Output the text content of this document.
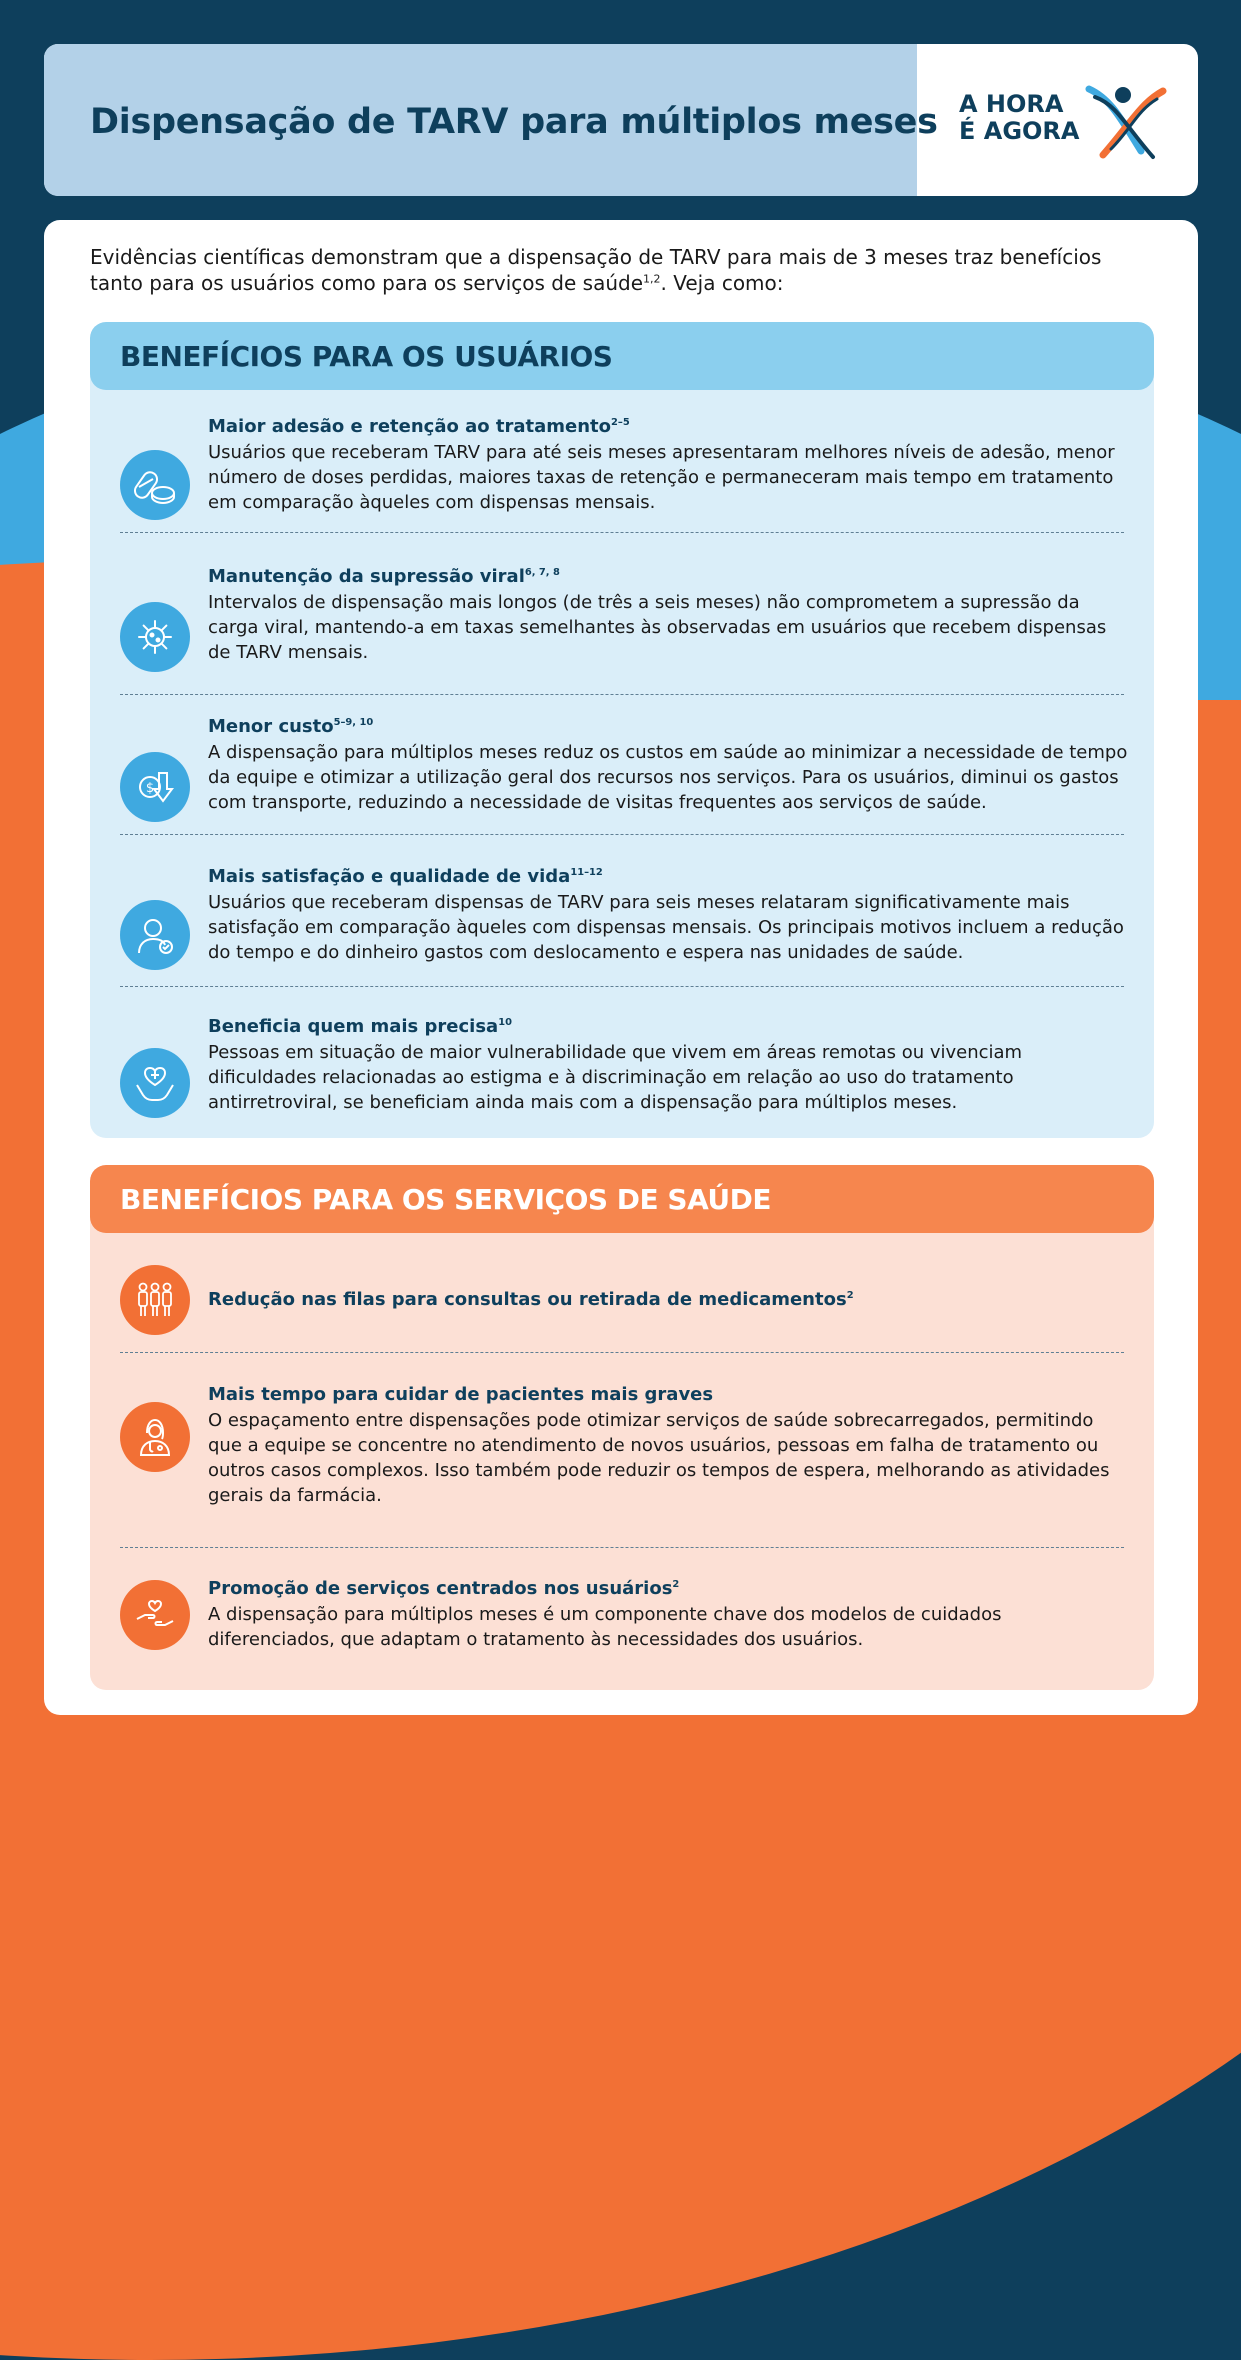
Dispensação de TARV para múltiplos meses A HORA
É AGORA
Evidências científicas demonstram que a dispensação de TARV para mais de 3 meses traz benefícios tanto para os usuários como para os serviços de saúde$^{1,2}$. Veja como:
BENEFÍCIOS PARA OS USUÁRIOS
Maior adesão e retenção ao tratamento$^{2-5}$
Usuários que receberam TARV para até seis meses apresentaram melhores níveis de adesão, menor número de doses perdidas, maiores taxas de retenção e permaneceram mais tempo em tratamento em comparação àqueles com dispensas mensais.
Manutenção da supressão viral$^{6, 7, 8}$
Intervalos de dispensação mais longos (de três a seis meses) não comprometem a supressão da carga viral, mantendo-a em taxas semelhantes às observadas em usuários que recebem dispensas de TARV mensais.
$
Menor custo$^{5-9, 10}$
A dispensação para múltiplos meses reduz os custos em saúde ao minimizar a necessidade de tempo da equipe e otimizar a utilização geral dos recursos nos serviços. Para os usuários, diminui os gastos com transporte, reduzindo a necessidade de visitas frequentes aos serviços de saúde.
Mais satisfação e qualidade de vida$^{11-12}$
Usuários que receberam dispensas de TARV para seis meses relataram significativamente mais satisfação em comparação àqueles com dispensas mensais. Os principais motivos incluem a redução do tempo e do dinheiro gastos com deslocamento e espera nas unidades de saúde.
Beneficia quem mais precisa$^{10}$
Pessoas em situação de maior vulnerabilidade que vivem em áreas remotas ou vivenciam dificuldades relacionadas ao estigma e à discriminação em relação ao uso do tratamento antirretroviral, se beneficiam ainda mais com a dispensação para múltiplos meses.
BENEFÍCIOS PARA OS SERVIÇOS DE SAÚDE
Redução nas filas para consultas ou retirada de medicamentos$^2$
Mais tempo para cuidar de pacientes mais graves
O espaçamento entre dispensações pode otimizar serviços de saúde sobrecarregados, permitindo que a equipe se concentre no atendimento de novos usuários, pessoas em falha de tratamento ou outros casos complexos. Isso também pode reduzir os tempos de espera, melhorando as atividades gerais da farmácia.
Promoção de serviços centrados nos usuários$^2$
A dispensação para múltiplos meses é um componente chave dos modelos de cuidados diferenciados, que adaptam o tratamento às necessidades dos usuários.
